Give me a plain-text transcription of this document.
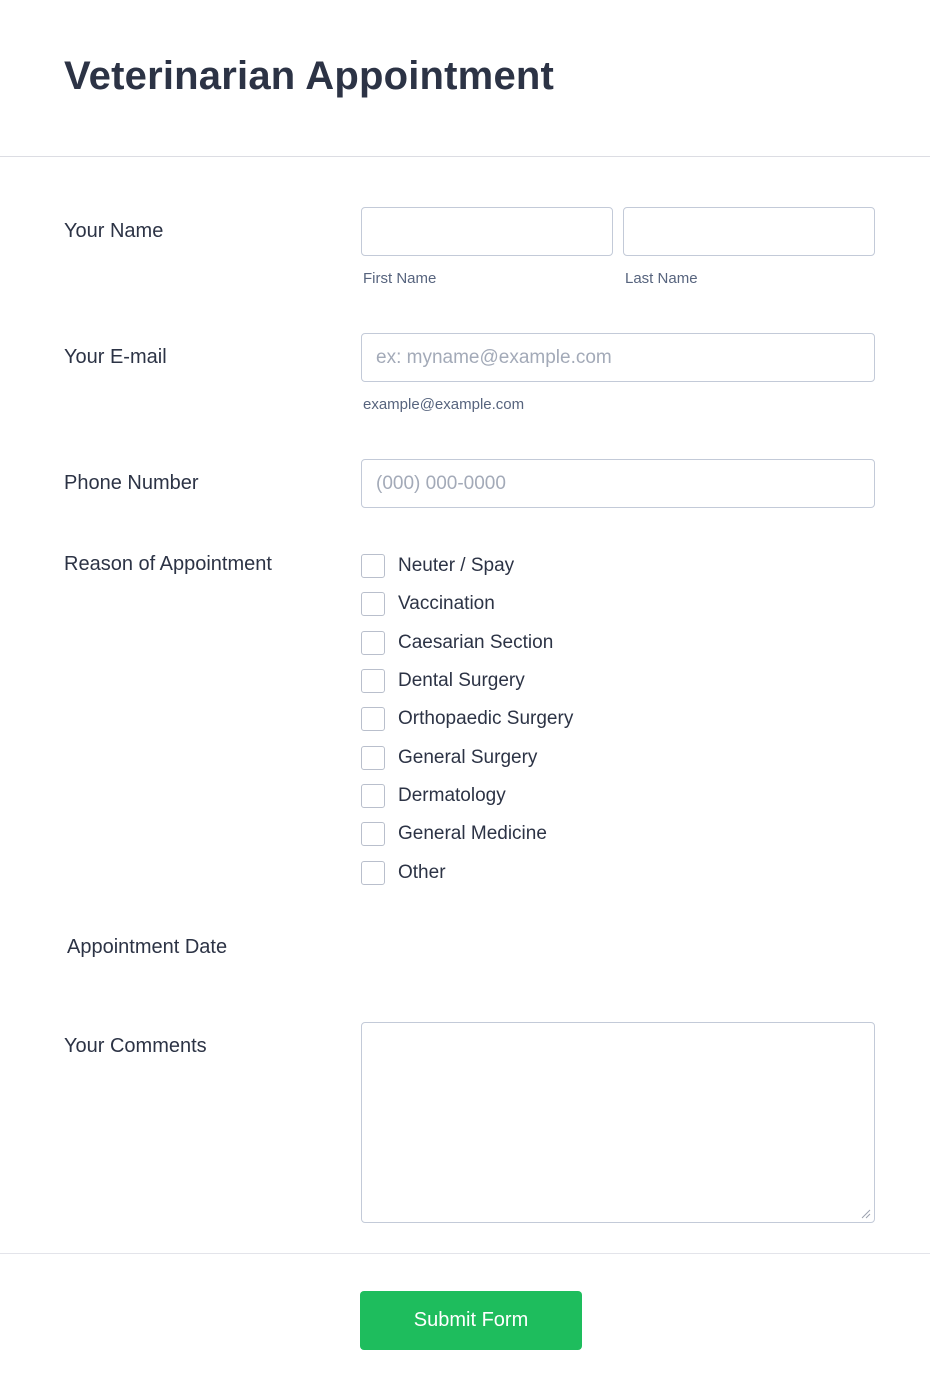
Veterinarian Appointment
Your Name
First Name	Last Name
Your E-mail
ex: myname@example.com
example@example.com
Phone Number
(000) 000-0000
Reason of Appointment	Neuter / Spay
Vaccination
Caesarian Section
Dental Surgery
Orthopaedic Surgery
General Surgery
Dermatology
General Medicine
Other
Appointment Date
Your Comments
Submit Form
